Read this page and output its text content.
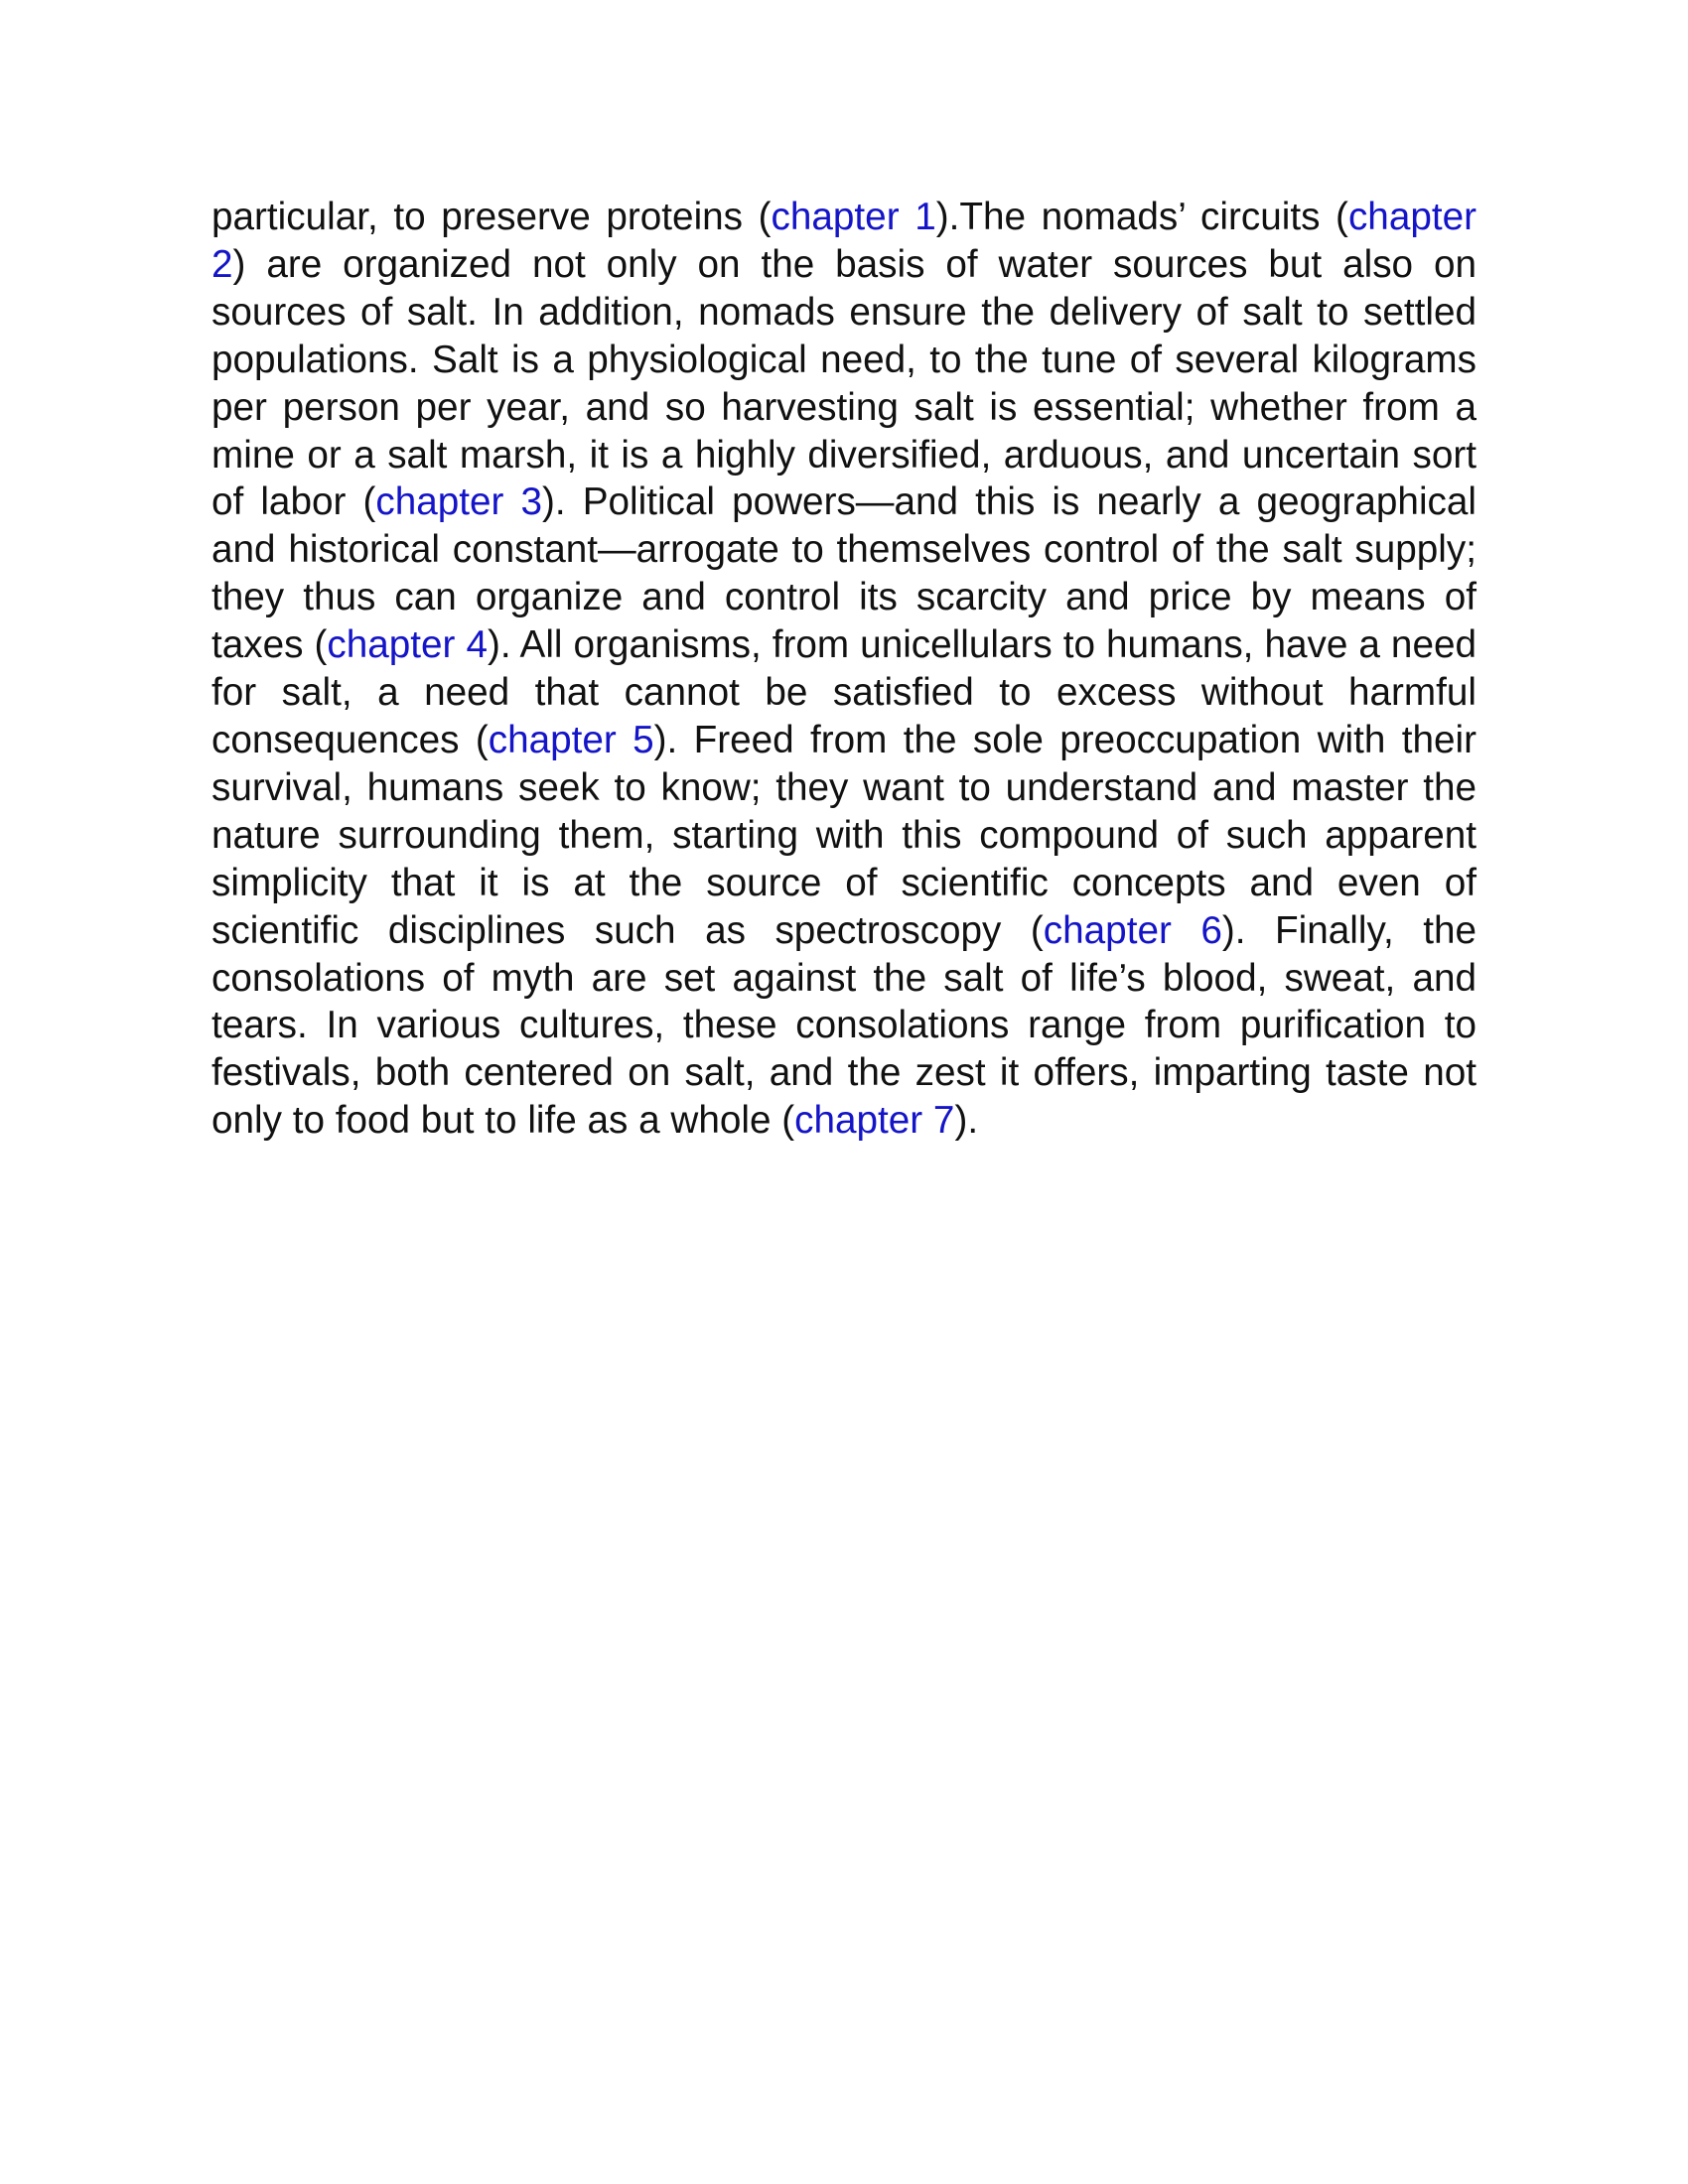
particular, to preserve proteins (chapter 1).The nomads’ circuits (chapter 2) are organized not only on the basis of water sources but also on sources of salt. In addition, nomads ensure the delivery of salt to settled populations. Salt is a physiological need, to the tune of several kilograms per person per year, and so harvesting salt is essential; whether from a mine or a salt marsh, it is a highly diversified, arduous, and uncertain sort of labor (chapter 3). Political powers—and this is nearly a geographical and historical constant—arrogate to themselves control of the salt supply; they thus can organize and control its scarcity and price by means of taxes (chapter 4). All organisms, from unicellulars to humans, have a need for salt, a need that cannot be satisfied to excess without harmful consequences (chapter 5). Freed from the sole preoccupation with their survival, humans seek to know; they want to understand and master the nature surrounding them, starting with this compound of such apparent simplicity that it is at the source of scientific concepts and even of scientific disciplines such as spectroscopy (chapter 6). Finally, the consolations of myth are set against the salt of life’s blood, sweat, and tears. In various cultures, these consolations range from purification to festivals, both centered on salt, and the zest it offers, imparting taste not only to food but to life as a whole (chapter 7).
